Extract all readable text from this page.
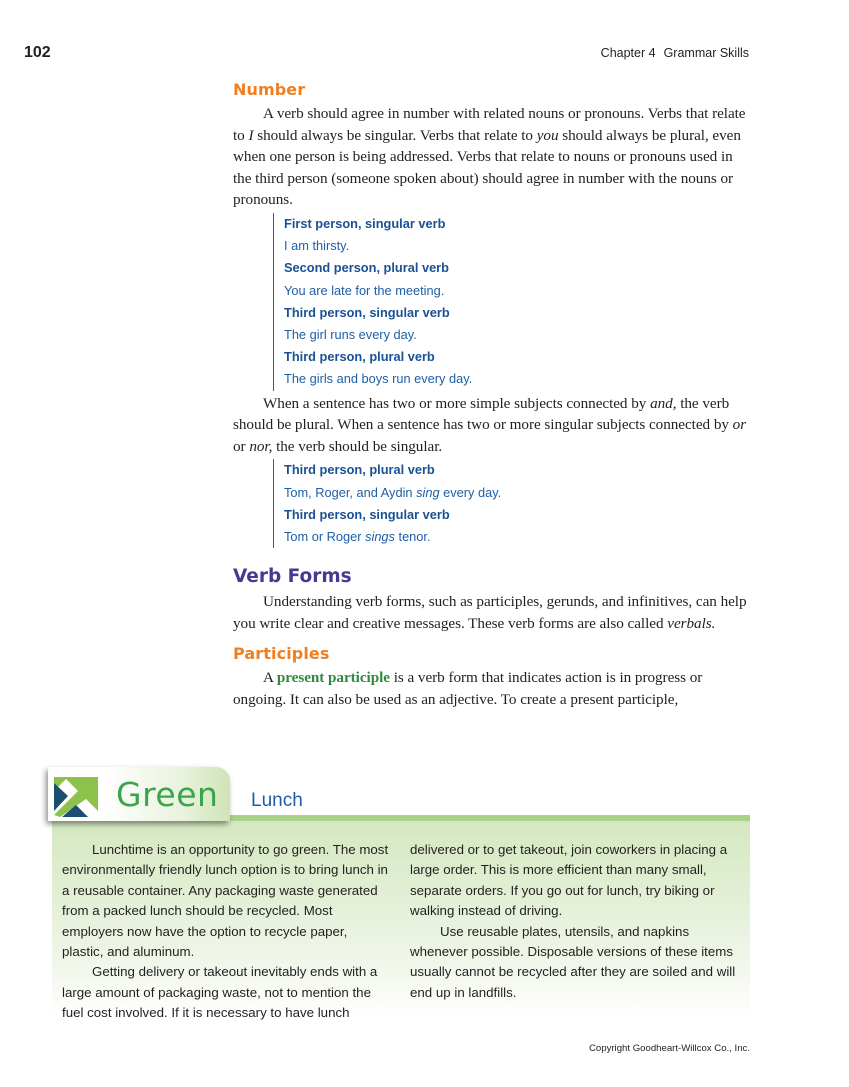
102	Chapter 4 Grammar Skills
Number

A verb should agree in number with related nouns or pronouns. Verbs that relate to I should always be singular. Verbs that relate to you should always be plural, even when one person is being addressed. Verbs that relate to nouns or pronouns used in the third person (someone spoken about) should agree in number with the nouns or pronouns.

First person, singular verb
I am thirsty.
Second person, plural verb
You are late for the meeting.
Third person, singular verb
The girl runs every day.
Third person, plural verb
The girls and boys run every day.

When a sentence has two or more simple subjects connected by and, the verb should be plural. When a sentence has two or more singular subjects connected by or or nor, the verb should be singular.

Third person, plural verb
Tom, Roger, and Aydin sing every day.
Third person, singular verb
Tom or Roger sings tenor.
Verb Forms

Understanding verb forms, such as participles, gerunds, and infinitives, can help you write clear and creative messages. These verb forms are also called verbals.

Participles

A present participle is a verb form that indicates action is in progress or ongoing. It can also be used as an adjective. To create a present participle,

Green Lunch

Lunchtime is an opportunity to go green. The most environmentally friendly lunch option is to bring lunch in a reusable container. Any packaging waste generated from a packed lunch should be recycled. Most employers now have the option to recycle paper, plastic, and aluminum.

Getting delivery or takeout inevitably ends with a large amount of packaging waste, not to mention the fuel cost involved. If it is necessary to have lunch

delivered or to get takeout, join coworkers in placing a large order. This is more efficient than many small, separate orders. If you go out for lunch, try biking or walking instead of driving.

Use reusable plates, utensils, and napkins whenever possible. Disposable versions of these items usually cannot be recycled after they are soiled and will end up in landfills.

Copyright Goodheart-Willcox Co., Inc.
